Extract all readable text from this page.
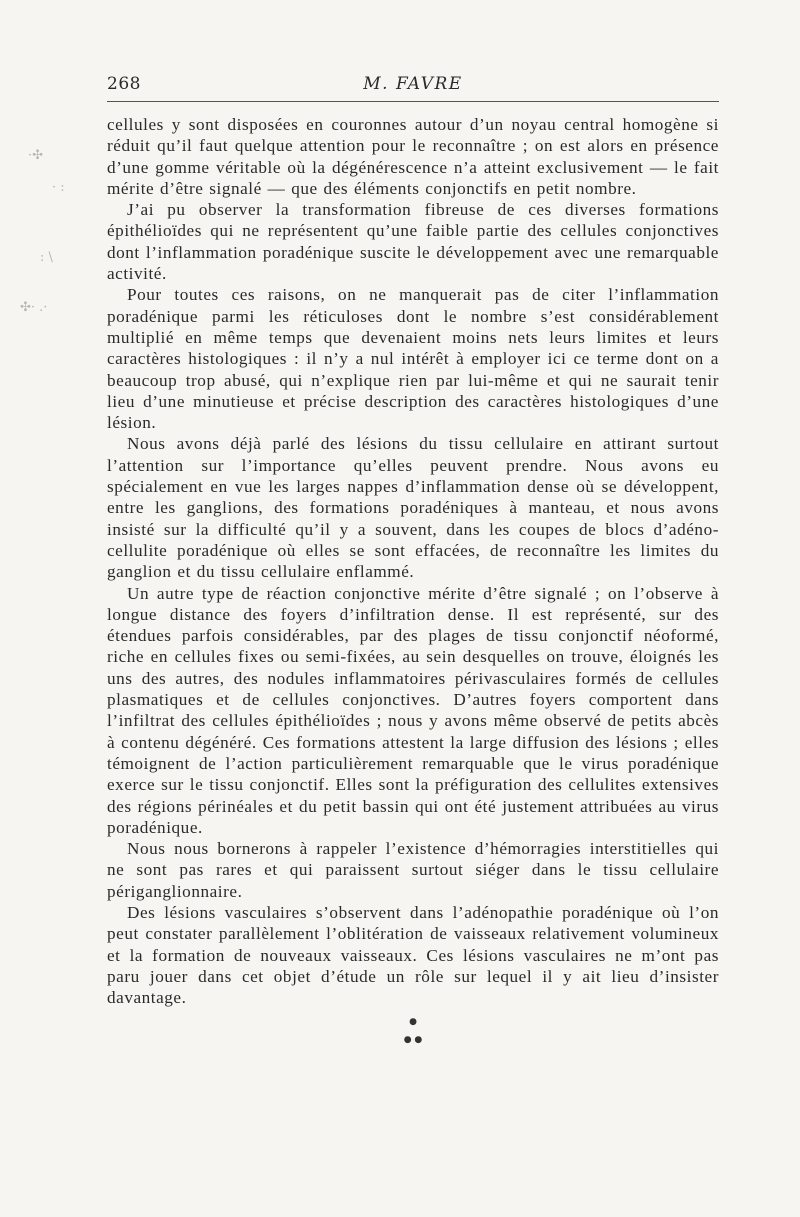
·✣
· :
: \
✣· .·
268	M. FAVRE

cellules y sont disposées en couronnes autour d’un noyau central homogène si réduit qu’il faut quelque attention pour le reconnaître ; on est alors en présence d’une gomme véritable où la dégénérescence n’a atteint exclusivement — le fait mérite d’être signalé — que des éléments conjonctifs en petit nombre.

J’ai pu observer la transformation fibreuse de ces diverses formations épithélioïdes qui ne représentent qu’une faible partie des cellules conjonctives dont l’inflammation poradénique suscite le développement avec une remarquable activité.

Pour toutes ces raisons, on ne manquerait pas de citer l’inflammation poradénique parmi les réticuloses dont le nombre s’est considérablement multiplié en même temps que devenaient moins nets leurs limites et leurs caractères histologiques : il n’y a nul intérêt à employer ici ce terme dont on a beaucoup trop abusé, qui n’explique rien par lui-même et qui ne saurait tenir lieu d’une minutieuse et précise description des caractères histologiques d’une lésion.

Nous avons déjà parlé des lésions du tissu cellulaire en attirant surtout l’attention sur l’importance qu’elles peuvent prendre. Nous avons eu spécialement en vue les larges nappes d’inflammation dense où se développent, entre les ganglions, des formations poradéniques à manteau, et nous avons insisté sur la difficulté qu’il y a souvent, dans les coupes de blocs d’adéno-cellulite poradénique où elles se sont effacées, de reconnaître les limites du ganglion et du tissu cellulaire enflammé.

Un autre type de réaction conjonctive mérite d’être signalé ; on l’observe à longue distance des foyers d’infiltration dense. Il est représenté, sur des étendues parfois considérables, par des plages de tissu conjonctif néoformé, riche en cellules fixes ou semi-fixées, au sein desquelles on trouve, éloignés les uns des autres, des nodules inflammatoires périvasculaires formés de cellules plasmatiques et de cellules conjonctives. D’autres foyers comportent dans l’infiltrat des cellules épithélioïdes ; nous y avons même observé de petits abcès à contenu dégénéré. Ces formations attestent la large diffusion des lésions ; elles témoignent de l’action particulièrement remarquable que le virus poradénique exerce sur le tissu conjonctif. Elles sont la préfiguration des cellulites extensives des régions périnéales et du petit bassin qui ont été justement attribuées au virus poradénique.

Nous nous bornerons à rappeler l’existence d’hémorragies interstitielles qui ne sont pas rares et qui paraissent surtout siéger dans le tissu cellulaire périganglionnaire.

Des lésions vasculaires s’observent dans l’adénopathie poradénique où l’on peut constater parallèlement l’oblitération de vaisseaux relativement volumineux et la formation de nouveaux vaisseaux. Ces lésions vasculaires ne m’ont pas paru jouer dans cet objet d’étude un rôle sur lequel il y ait lieu d’insister davantage.

●
● ●
